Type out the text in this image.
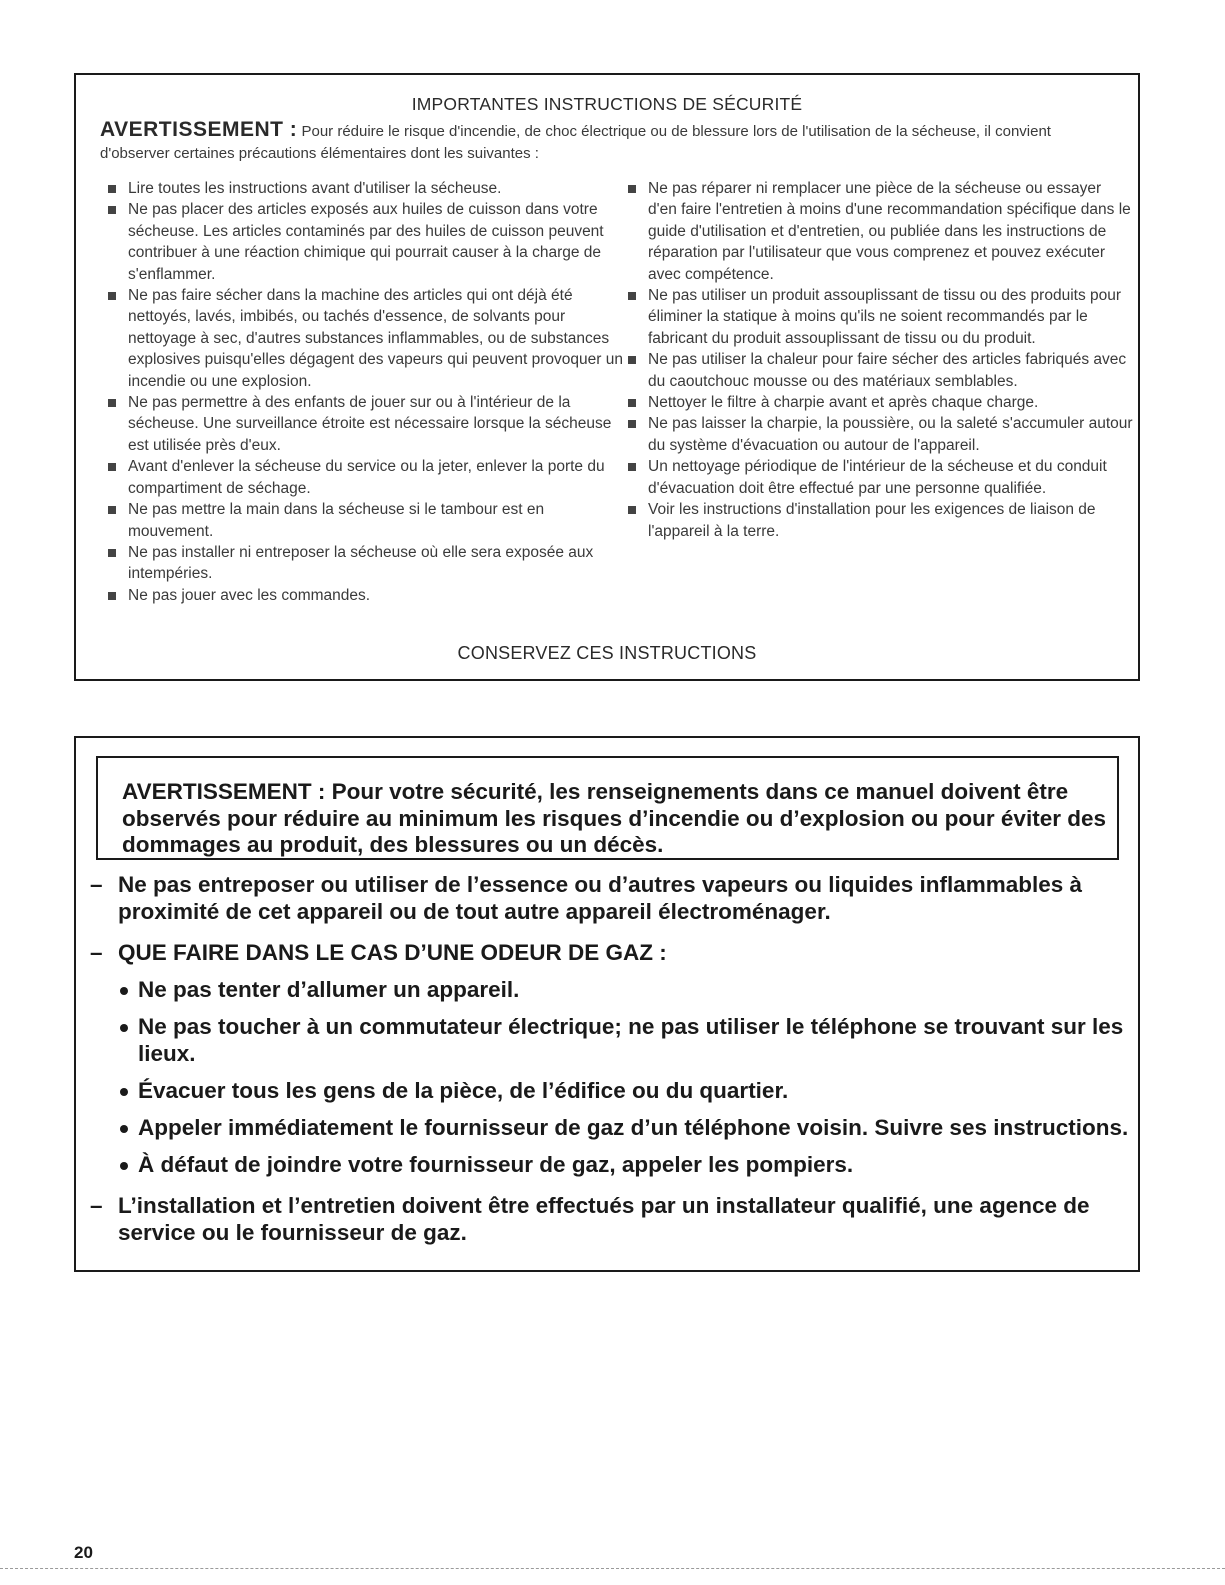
IMPORTANTES INSTRUCTIONS DE SÉCURITÉ
AVERTISSEMENT : Pour réduire le risque d'incendie, de choc électrique ou de blessure lors de l'utilisation de la sécheuse, il convient d'observer certaines précautions élémentaires dont les suivantes :
Lire toutes les instructions avant d'utiliser la sécheuse.
Ne pas placer des articles exposés aux huiles de cuisson dans votre sécheuse. Les articles contaminés par des huiles de cuisson peuvent contribuer à une réaction chimique qui pourrait causer à la charge de s'enflammer.
Ne pas faire sécher dans la machine des articles qui ont déjà été nettoyés, lavés, imbibés, ou tachés d'essence, de solvants pour nettoyage à sec, d'autres substances inflammables, ou de substances explosives puisqu'elles dégagent des vapeurs qui peuvent provoquer un incendie ou une explosion.
Ne pas permettre à des enfants de jouer sur ou à l'intérieur de la sécheuse. Une surveillance étroite est nécessaire lorsque la sécheuse est utilisée près d'eux.
Avant d'enlever la sécheuse du service ou la jeter, enlever la porte du compartiment de séchage.
Ne pas mettre la main dans la sécheuse si le tambour est en mouvement.
Ne pas installer ni entreposer la sécheuse où elle sera exposée aux intempéries.
Ne pas jouer avec les commandes.
Ne pas réparer ni remplacer une pièce de la sécheuse ou essayer d'en faire l'entretien à moins d'une recommandation spécifique dans le guide d'utilisation et d'entretien, ou publiée dans les instructions de réparation par l'utilisateur que vous comprenez et pouvez exécuter avec compétence.
Ne pas utiliser un produit assouplissant de tissu ou des produits pour éliminer la statique à moins qu'ils ne soient recommandés par le fabricant du produit assouplissant de tissu ou du produit.
Ne pas utiliser la chaleur pour faire sécher des articles fabriqués avec du caoutchouc mousse ou des matériaux semblables.
Nettoyer le filtre à charpie avant et après chaque charge.
Ne pas laisser la charpie, la poussière, ou la saleté s'accumuler autour du système d'évacuation ou autour de l'appareil.
Un nettoyage périodique de l'intérieur de la sécheuse et du conduit d'évacuation doit être effectué par une personne qualifiée.
Voir les instructions d'installation pour les exigences de liaison de l'appareil à la terre.
CONSERVEZ CES INSTRUCTIONS
AVERTISSEMENT : Pour votre sécurité, les renseignements dans ce manuel doivent être observés pour réduire au minimum les risques d’incendie ou d’explosion ou pour éviter des dommages au produit, des blessures ou un décès.
– Ne pas entreposer ou utiliser de l’essence ou d’autres vapeurs ou liquides inflammables à proximité de cet appareil ou de tout autre appareil électroménager.
– QUE FAIRE DANS LE CAS D’UNE ODEUR DE GAZ :
Ne pas tenter d’allumer un appareil.
Ne pas toucher à un commutateur électrique; ne pas utiliser le téléphone se trouvant sur les lieux.
Évacuer tous les gens de la pièce, de l’édifice ou du quartier.
Appeler immédiatement le fournisseur de gaz d’un téléphone voisin. Suivre ses instructions.
À défaut de joindre votre fournisseur de gaz, appeler les pompiers.
– L’installation et l’entretien doivent être effectués par un installateur qualifié, une agence de service ou le fournisseur de gaz.
20
